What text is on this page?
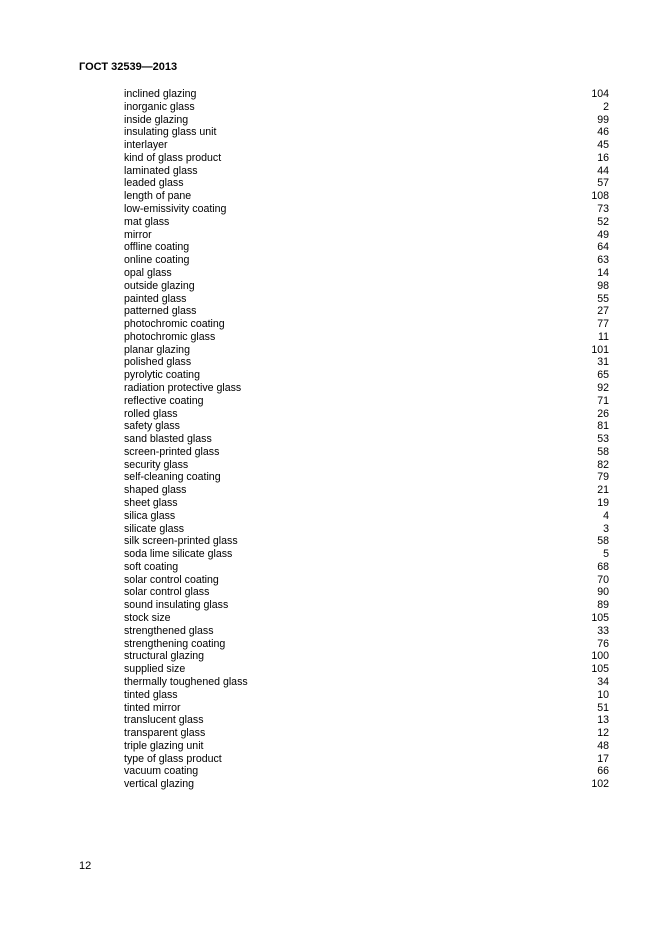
ГОСТ 32539—2013
inclined glazing	104
inorganic glass	2
inside glazing	99
insulating glass unit	46
interlayer	45
kind of glass product	16
laminated glass	44
leaded glass	57
length of pane	108
low-emissivity coating	73
mat glass	52
mirror	49
offline coating	64
online coating	63
opal glass	14
outside glazing	98
painted glass	55
patterned glass	27
photochromic coating	77
photochromic glass	11
planar glazing	101
polished glass	31
pyrolytic coating	65
radiation protective glass	92
reflective coating	71
rolled glass	26
safety glass	81
sand blasted glass	53
screen-printed glass	58
security glass	82
self-cleaning coating	79
shaped glass	21
sheet glass	19
silica glass	4
silicate glass	3
silk screen-printed glass	58
soda lime silicate glass	5
soft coating	68
solar control coating	70
solar control glass	90
sound insulating glass	89
stock size	105
strengthened glass	33
strengthening coating	76
structural glazing	100
supplied size	105
thermally toughened glass	34
tinted glass	10
tinted mirror	51
translucent glass	13
transparent glass	12
triple glazing unit	48
type of glass product	17
vacuum coating	66
vertical glazing	102
12
